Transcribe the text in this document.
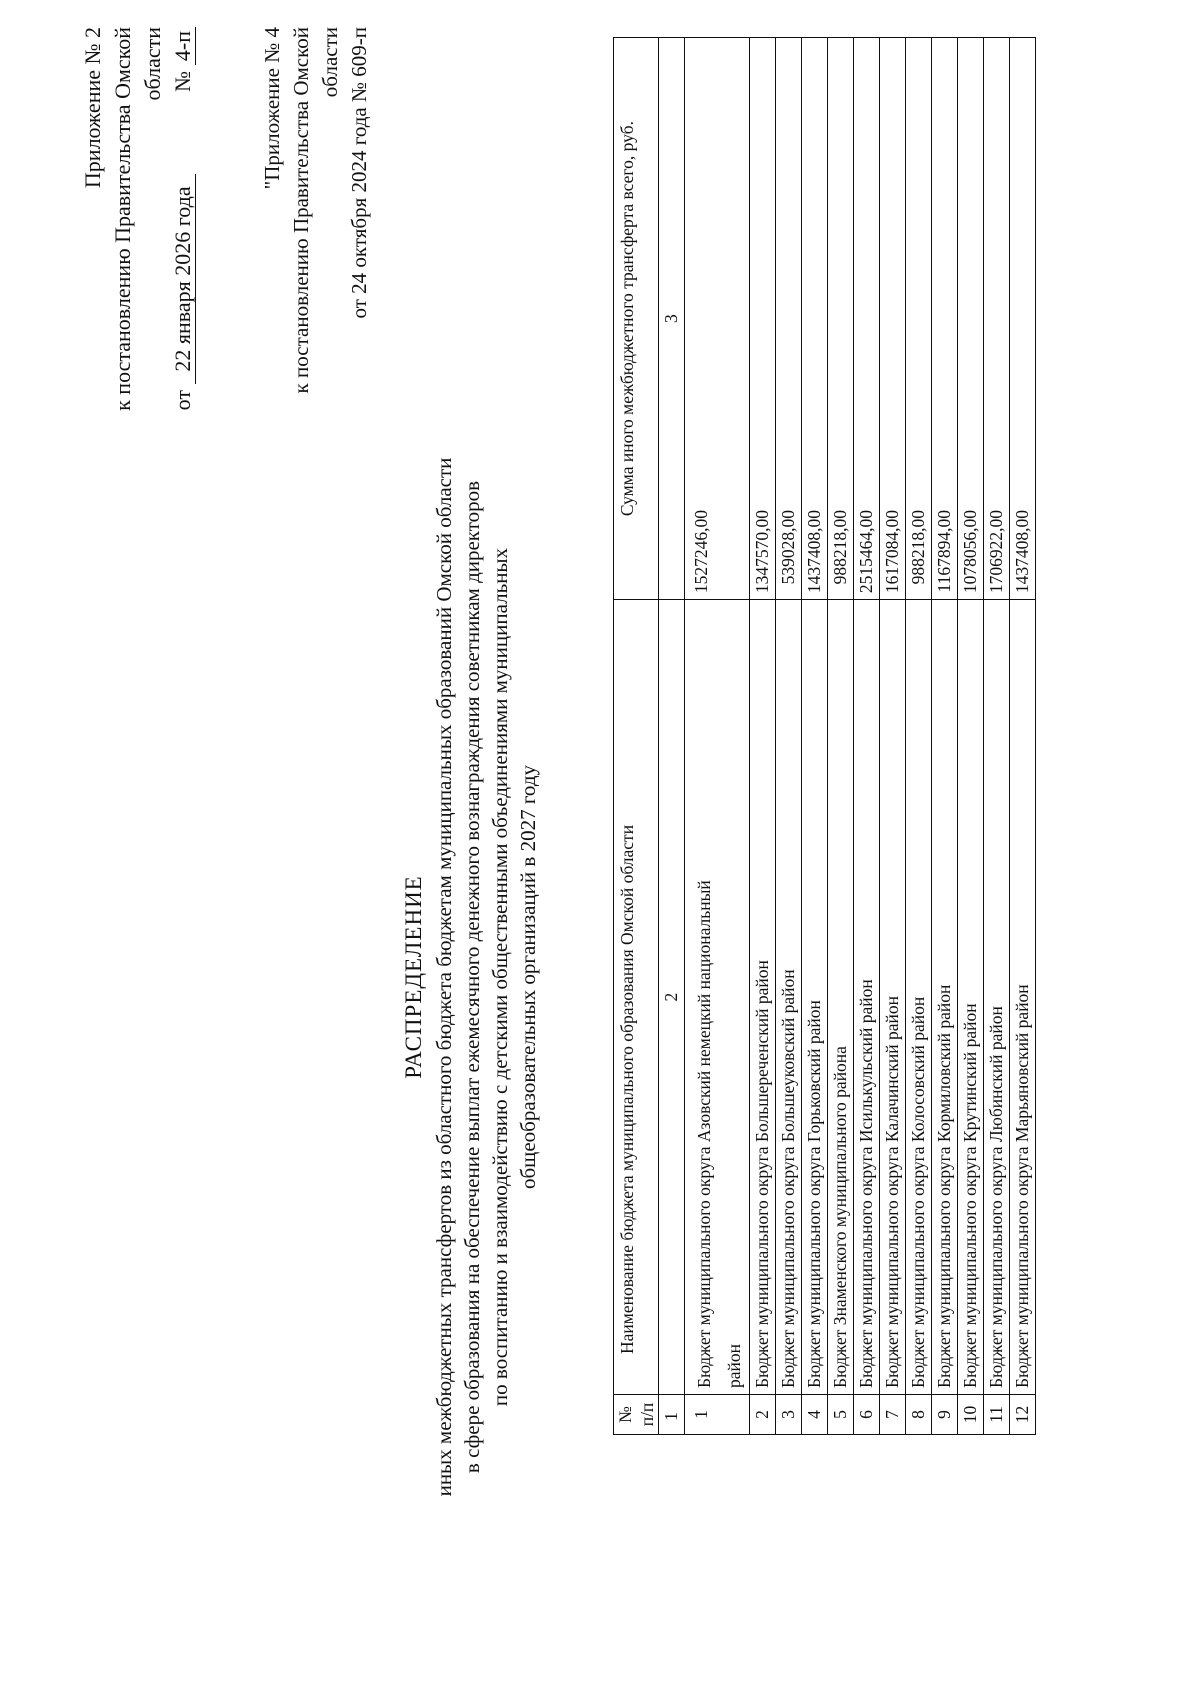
Приложение № 2 к постановлению Правительства Омской области
от
22 января 2026 года
№
4-п	"Приложение № 4 к постановлению Правительства Омской области от 24 октября 2024 года № 609-п
РАСПРЕДЕЛЕНИЕ иных межбюджетных трансфертов из областного бюджета бюджетам муниципальных образований Омской области в сфере образования на обеспечение выплат ежемесячного денежного вознаграждения советникам директоров по воспитанию и взаимодействию с детскими общественными объединениями муниципальных общеобразовательных организаций в 2027 году
№ п/п	Наименование бюджета муниципального образования Омской области	Сумма иного межбюджетного трансферта всего, руб.
1	2	3
1	Бюджет муниципального округа Азовский немецкий национальный район	1527246,00
2	Бюджет муниципального округа Большереченский район	1347570,00
3	Бюджет муниципального округа Большеуковский район	539028,00
4	Бюджет муниципального округа Горьковский район	1437408,00
5	Бюджет Знаменского муниципального района	988218,00
6	Бюджет муниципального округа Исилькульский район	2515464,00
7	Бюджет муниципального округа Калачинский район	1617084,00
8	Бюджет муниципального округа Колосовский район	988218,00
9	Бюджет муниципального округа Кормиловский район	1167894,00
10	Бюджет муниципального округа Крутинский район	1078056,00
11	Бюджет муниципального округа Любинский район	1706922,00
12	Бюджет муниципального округа Марьяновский район	1437408,00
